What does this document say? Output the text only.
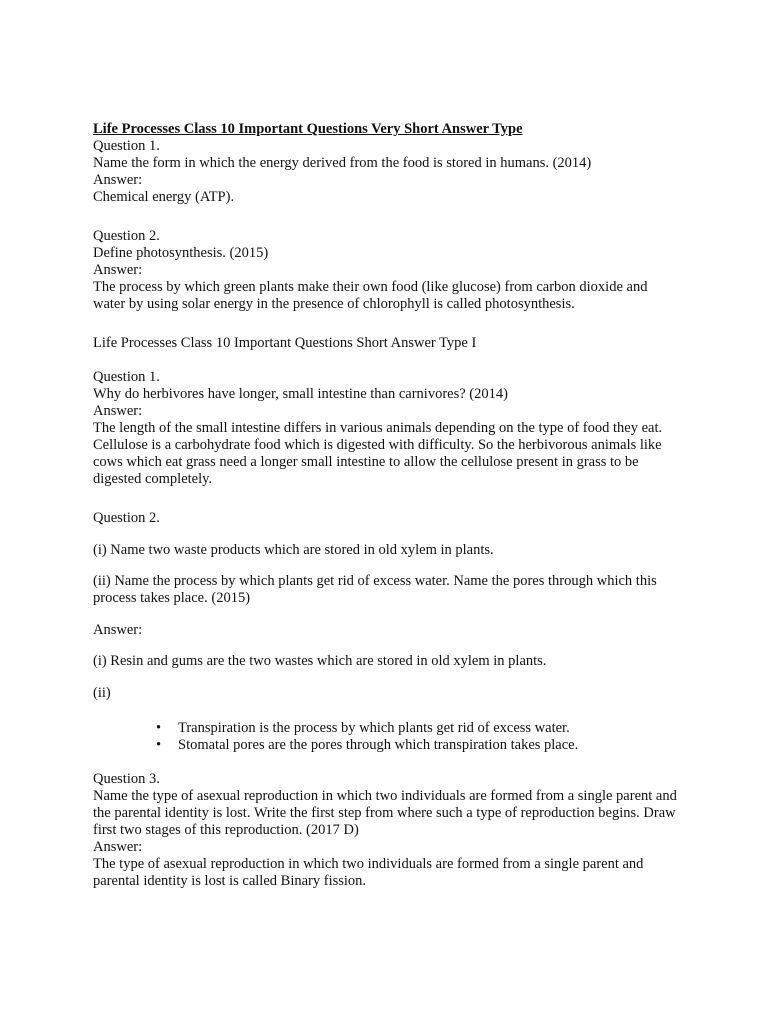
Life Processes Class 10 Important Questions Very Short Answer Type

Question 1.

Name the form in which the energy derived from the food is stored in humans. (2014)

Answer:

Chemical energy (ATP).

Question 2.

Define photosynthesis. (2015)

Answer:

The process by which green plants make their own food (like glucose) from carbon dioxide and water by using solar energy in the presence of chlorophyll is called photosynthesis.

Life Processes Class 10 Important Questions Short Answer Type I

Question 1.

Why do herbivores have longer, small intestine than carnivores? (2014)

Answer:

The length of the small intestine differs in various animals depending on the type of food they eat. Cellulose is a carbohydrate food which is digested with difficulty. So the herbivorous animals like cows which eat grass need a longer small intestine to allow the cellulose present in grass to be digested completely.

Question 2.

(i) Name two waste products which are stored in old xylem in plants.

(ii) Name the process by which plants get rid of excess water. Name the pores through which this process takes place. (2015)

Answer:

(i) Resin and gums are the two wastes which are stored in old xylem in plants.

(ii)

• Transpiration is the process by which plants get rid of excess water.
• Stomatal pores are the pores through which transpiration takes place.

Question 3.

Name the type of asexual reproduction in which two individuals are formed from a single parent and the parental identity is lost. Write the first step from where such a type of reproduction begins. Draw first two stages of this reproduction. (2017 D)

Answer:

The type of asexual reproduction in which two individuals are formed from a single parent and parental identity is lost is called Binary fission.
